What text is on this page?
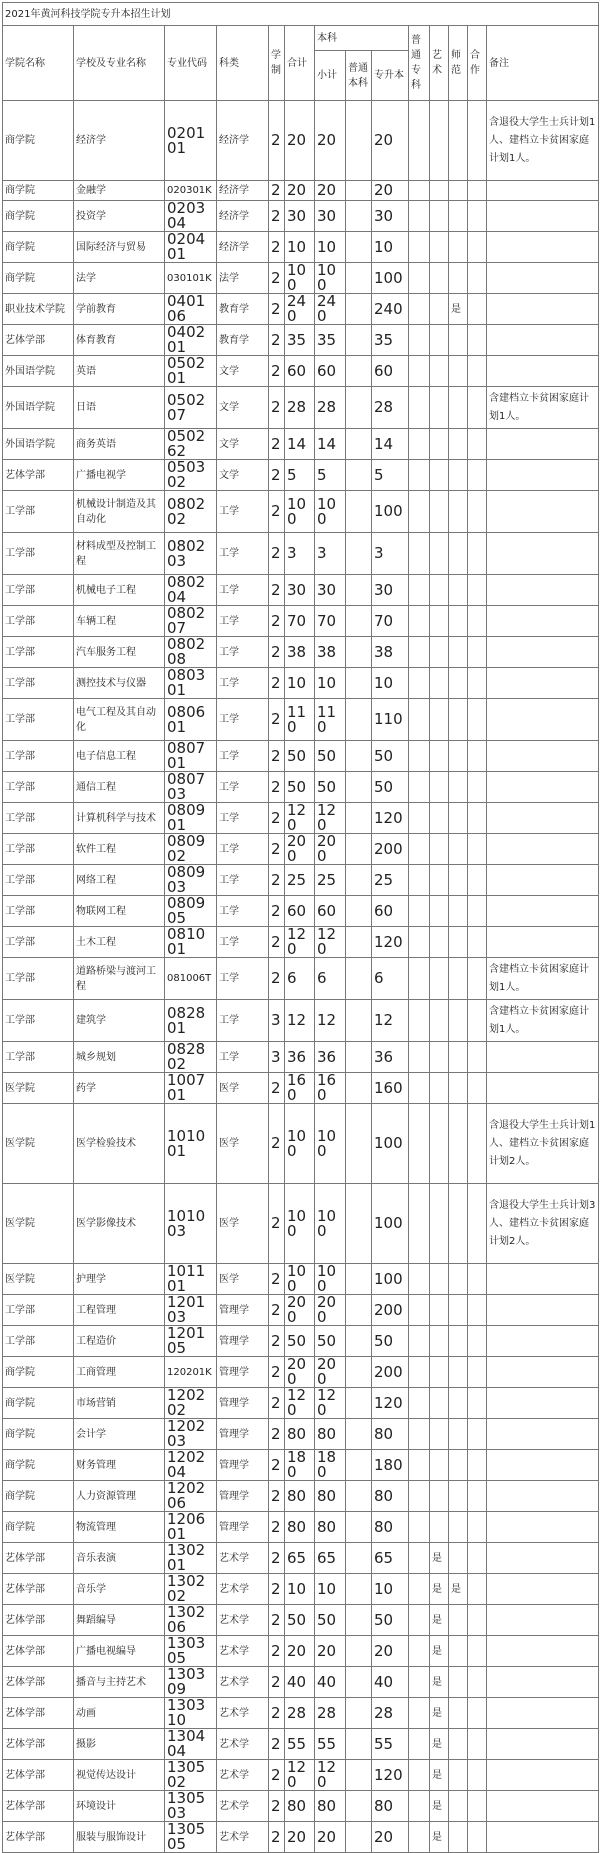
2021年黄河科技学院专升本招生计划													
学院名称	学校及专业名称	专业代码	科类	学制	合计	本科			普通专科	艺术	师范	合作	备注
						小计	普通本科	专升本					
商学院	经济学	020101	经济学	2	20	20		20					含退役大学生士兵计划1人、建档立卡贫困家庭计划1人。
商学院	金融学	020301K	经济学	2	20	20		20					
商学院	投资学	020304	经济学	2	30	30		30					
商学院	国际经济与贸易	020401	经济学	2	10	10		10					
商学院	法学	030101K	法学	2	100	100		100					
职业技术学院	学前教育	040106	教育学	2	240	240		240			是		
艺体学部	体育教育	040201	教育学	2	35	35		35					
外国语学院	英语	050201	文学	2	60	60		60					
外国语学院	日语	050207	文学	2	28	28		28					含建档立卡贫困家庭计划1人。
外国语学院	商务英语	050262	文学	2	14	14		14					
艺体学部	广播电视学	050302	文学	2	5	5		5					
工学部	机械设计制造及其自动化	080202	工学	2	100	100		100					
工学部	材料成型及控制工程	080203	工学	2	3	3		3					
工学部	机械电子工程	080204	工学	2	30	30		30					
工学部	车辆工程	080207	工学	2	70	70		70					
工学部	汽车服务工程	080208	工学	2	38	38		38					
工学部	测控技术与仪器	080301	工学	2	10	10		10					
工学部	电气工程及其自动化	080601	工学	2	110	110		110					
工学部	电子信息工程	080701	工学	2	50	50		50					
工学部	通信工程	080703	工学	2	50	50		50					
工学部	计算机科学与技术	080901	工学	2	120	120		120					
工学部	软件工程	080902	工学	2	200	200		200					
工学部	网络工程	080903	工学	2	25	25		25					
工学部	物联网工程	080905	工学	2	60	60		60					
工学部	土木工程	081001	工学	2	120	120		120					
工学部	道路桥梁与渡河工程	081006T	工学	2	6	6		6					含建档立卡贫困家庭计划1人。
工学部	建筑学	082801	工学	3	12	12		12					含建档立卡贫困家庭计划1人。
工学部	城乡规划	082802	工学	3	36	36		36					
医学院	药学	100701	医学	2	160	160		160					
医学院	医学检验技术	101001	医学	2	100	100		100					含退役大学生士兵计划1人、建档立卡贫困家庭计划2人。
医学院	医学影像技术	101003	医学	2	100	100		100					含退役大学生士兵计划3人、建档立卡贫困家庭计划2人。
医学院	护理学	101101	医学	2	100	100		100					
工学部	工程管理	120103	管理学	2	200	200		200					
工学部	工程造价	120105	管理学	2	50	50		50					
商学院	工商管理	120201K	管理学	2	200	200		200					
商学院	市场营销	120202	管理学	2	120	120		120					
商学院	会计学	120203	管理学	2	80	80		80					
商学院	财务管理	120204	管理学	2	180	180		180					
商学院	人力资源管理	120206	管理学	2	80	80		80					
商学院	物流管理	120601	管理学	2	80	80		80					
艺体学部	音乐表演	130201	艺术学	2	65	65		65		是			
艺体学部	音乐学	130202	艺术学	2	10	10		10		是	是		
艺体学部	舞蹈编导	130206	艺术学	2	50	50		50		是			
艺体学部	广播电视编导	130305	艺术学	2	20	20		20		是			
艺体学部	播音与主持艺术	130309	艺术学	2	40	40		40		是			
艺体学部	动画	130310	艺术学	2	28	28		28		是			
艺体学部	摄影	130404	艺术学	2	55	55		55		是			
艺体学部	视觉传达设计	130502	艺术学	2	120	120		120		是			
艺体学部	环境设计	130503	艺术学	2	80	80		80		是			
艺体学部	服装与服饰设计	130505	艺术学	2	20	20		20		是			
